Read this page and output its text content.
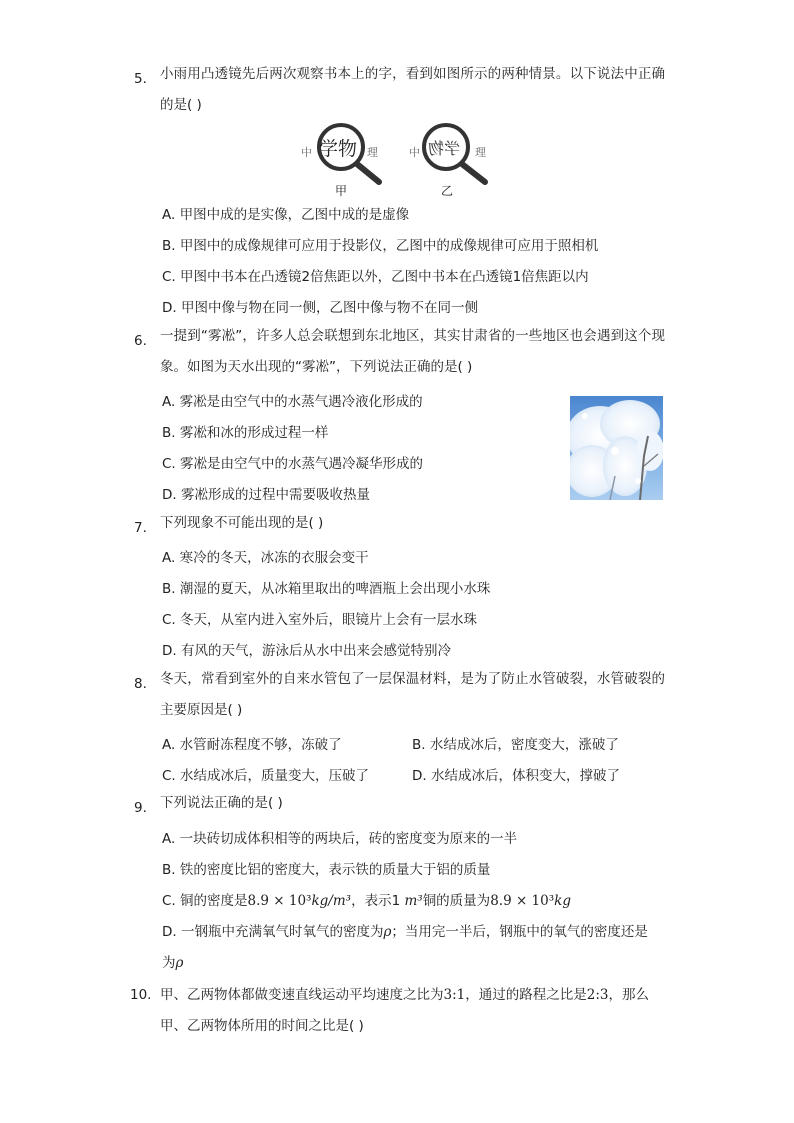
5. 小雨用凸透镜先后两次观察书本上的字，看到如图所示的两种情景。以下说法中正确的是( )
中 学物 理	中 学物 理
甲	乙
A. 甲图中成的是实像，乙图中成的是虚像
B. 甲图中的成像规律可应用于投影仪，乙图中的成像规律可应用于照相机
C. 甲图中书本在凸透镜2倍焦距以外，乙图中书本在凸透镜1倍焦距以内
D. 甲图中像与物在同一侧，乙图中像与物不在同一侧
6. 一提到“雾凇”，许多人总会联想到东北地区，其实甘肃省的一些地区也会遇到这个现象。如图为天水出现的“雾凇”，下列说法正确的是( )
A. 雾凇是由空气中的水蒸气遇冷液化形成的
B. 雾凇和冰的形成过程一样
C. 雾凇是由空气中的水蒸气遇冷凝华形成的
D. 雾凇形成的过程中需要吸收热量
7. 下列现象不可能出现的是( )
A. 寒冷的冬天，冰冻的衣服会变干
B. 潮湿的夏天，从冰箱里取出的啤酒瓶上会出现小水珠
C. 冬天，从室内进入室外后，眼镜片上会有一层水珠
D. 有风的天气，游泳后从水中出来会感觉特别冷
8. 冬天，常看到室外的自来水管包了一层保温材料，是为了防止水管破裂，水管破裂的主要原因是( )
A. 水管耐冻程度不够，冻破了	B. 水结成冰后，密度变大，涨破了
C. 水结成冰后，质量变大，压破了	D. 水结成冰后，体积变大，撑破了
9. 下列说法正确的是( )
A. 一块砖切成体积相等的两块后，砖的密度变为原来的一半
B. 铁的密度比铝的密度大，表示铁的质量大于铝的质量
C. 铜的密度是8.9 × 10³kg/m³，表示1 m³铜的质量为8.9 × 10³kg
D. 一钢瓶中充满氧气时氧气的密度为ρ；当用完一半后，钢瓶中的氧气的密度还是
为ρ
10. 甲、乙两物体都做变速直线运动平均速度之比为3:1，通过的路程之比是2:3，那么
甲、乙两物体所用的时间之比是( )
